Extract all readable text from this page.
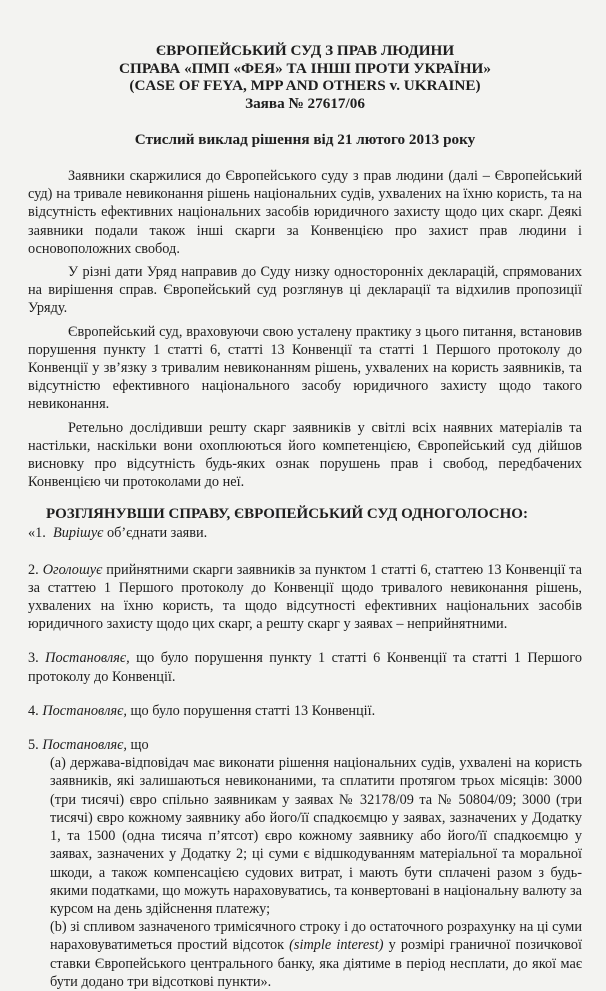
ЄВРОПЕЙСЬКИЙ СУД З ПРАВ ЛЮДИНИ
СПРАВА «ПМП «ФЕЯ» ТА ІНШІ ПРОТИ УКРАЇНИ»
(CASE OF FEYA, MPP AND OTHERS v. UKRAINE)
Заява № 27617/06
Стислий виклад рішення від 21 лютого 2013 року

Заявники скаржилися до Європейського суду з прав людини (далі – Європейський суд) на тривале невиконання рішень національних судів, ухвалених на їхню користь, та на відсутність ефективних національних засобів юридичного захисту щодо цих скарг. Деякі заявники подали також інші скарги за Конвенцією про захист прав людини і основоположних свобод.

У різні дати Уряд направив до Суду низку односторонніх декларацій, спрямованих на вирішення справ. Європейський суд розглянув ці декларації та відхилив пропозиції Уряду.

Європейський суд, враховуючи свою усталену практику з цього питання, встановив порушення пункту 1 статті 6, статті 13 Конвенції та статті 1 Першого протоколу до Конвенції у зв’язку з тривалим невиконанням рішень, ухвалених на користь заявників, та відсутністю ефективного національного засобу юридичного захисту щодо такого невиконання.

Ретельно дослідивши решту скарг заявників у світлі всіх наявних матеріалів та настільки, наскільки вони охоплюються його компетенцією, Європейський суд дійшов висновку про відсутність будь-яких ознак порушень прав і свобод, передбачених Конвенцією чи протоколами до неї.

РОЗГЛЯНУВШИ СПРАВУ, ЄВРОПЕЙСЬКИЙ СУД ОДНОГОЛОСНО:
«1. Вирішує об’єднати заяви.
2. Оголошує прийнятними скарги заявників за пунктом 1 статті 6, статтею 13 Конвенції та за статтею 1 Першого протоколу до Конвенції щодо тривалого невиконання рішень, ухвалених на їхню користь, та щодо відсутності ефективних національних засобів юридичного захисту щодо цих скарг, а решту скарг у заявах – неприйнятними.
3. Постановляє, що було порушення пункту 1 статті 6 Конвенції та статті 1 Першого протоколу до Конвенції.
4. Постановляє, що було порушення статті 13 Конвенції.
5. Постановляє, що

(a) держава-відповідач має виконати рішення національних судів, ухвалені на користь заявників, які залишаються невиконаними, та сплатити протягом трьох місяців: 3000 (три тисячі) євро спільно заявникам у заявах № 32178/09 та № 50804/09; 3000 (три тисячі) євро кожному заявнику або його/її спадкоємцю у заявах, зазначених у Додатку 1, та 1500 (одна тисяча п’ятсот) євро кожному заявнику або його/її спадкоємцю у заявах, зазначених у Додатку 2; ці суми є відшкодуванням матеріальної та моральної шкоди, а також компенсацією судових витрат, і мають бути сплачені разом з будь-якими податками, що можуть нараховуватись, та конвертовані в національну валюту за курсом на день здійснення платежу;

(b) зі спливом зазначеного тримісячного строку і до остаточного розрахунку на ці суми нараховуватиметься простий відсоток (simple interest) у розмірі граничної позичкової ставки Європейського центрального банку, яка діятиме в період несплати, до якої має бути додано три відсоткові пункти».
